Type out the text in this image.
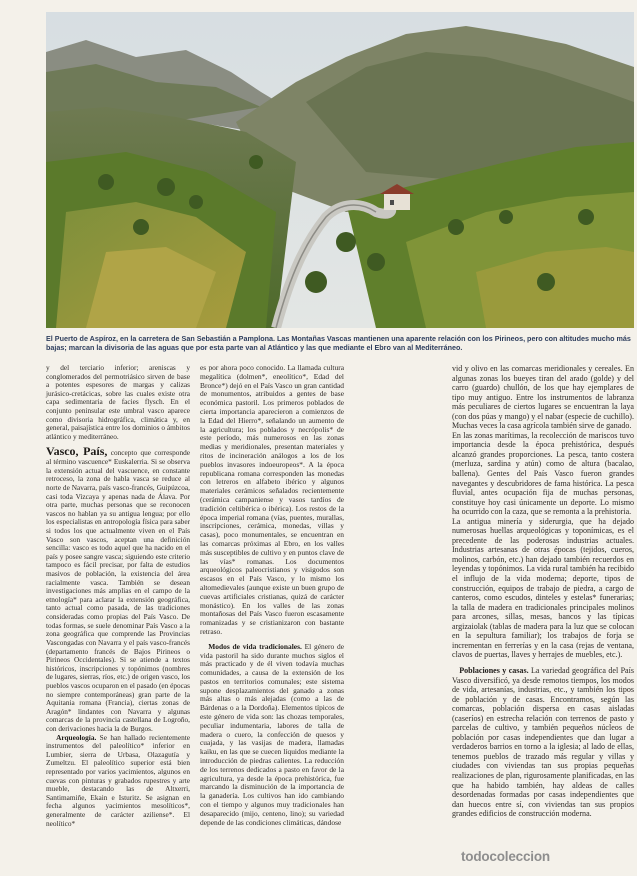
El Puerto de Aspíroz, en la carretera de San Sebastián a Pamplona. Las Montañas Vascas mantienen una aparente relación con los Pirineos, pero con altitudes mucho más bajas; marcan la divisoria de las aguas que por esta parte van al Atlántico y las que mediante el Ebro van al Mediterráneo.

y del terciario inferior; areniscas y conglomerados del permotriásico sirven de base a potentes espesores de margas y calizas jurásico-cretácicas, sobre las cuales existe otra capa sedimentaria de facies flysch. En el conjunto peninsular este umbral vasco aparece como divisoria hidrográfica, climática y, en general, paisajística entre los dominios o ámbitos atlántico y mediterráneo.

Vasco, País, concepto que corresponde al término vascuence* Euskalerria. Si se observa la extensión actual del vascuence, en constante retroceso, la zona de habla vasca se reduce al norte de Navarra, país vasco-francés, Guipúzcoa, casi toda Vizcaya y apenas nada de Álava. Por otra parte, muchas personas que se reconocen vascos no hablan ya su antigua lengua; por ello los especialistas en antropología física para saber si todos los que actualmente viven en el País Vasco son vascos, aceptan una definición sencilla: vasco es todo aquel que ha nacido en el país y posee sangre vasca; siguiendo este criterio tampoco es fácil precisar, por falta de estudios masivos de población, la existencia del área racialmente vasca. También se desean investigaciones más amplias en el campo de la etnología* para aclarar la extensión geográfica, tanto actual como pasada, de las tradiciones consideradas como propias del País Vasco. De todas formas, se suele denominar País Vasco a la zona geográfica que comprende las Provincias Vascongadas con Navarra y el país vasco-francés (departamento francés de Bajos Pirineos o Pirineos Occidentales). Si se atiende a textos históricos, inscripciones y topónimos (nombres de lugares, sierras, ríos, etc.) de origen vasco, los pueblos vascos ocuparon en el pasado (en épocas no siempre contemporáneas) gran parte de la Aquitania romana (Francia), ciertas zonas de Aragón* lindantes con Navarra y algunas comarcas de la provincia castellana de Logroño, con derivaciones hacia la de Burgos.

Arqueología. Se han hallado recientemente instrumentos del paleolítico* inferior en Lumbier, sierra de Urbasa, Olazagutía y Zumeltzu. El paleolítico superior está bien representado por varios yacimientos, algunos en cuevas con pinturas y grabados rupestres y arte mueble, destacando las de Altxerri, Santimamiñe, Ekain e Isturitz. Se asignan en fecha algunos yacimientos mesolíticos*, generalmente de carácter aziliense*. El neolítico*

es por ahora poco conocido. La llamada cultura megalítica (dolmen*, eneolítico*, Edad del Bronce*) dejó en el País Vasco un gran cantidad de monumentos, atribuidos a gentes de base económica pastoril. Los primeros poblados de cierta importancia aparecieron a comienzos de la Edad del Hierro*, señalando un aumento de la agricultura; los poblados y necrópolis* de este período, más numerosos en las zonas medias y meridionales, presentan materiales y ritos de incineración análogos a los de los pueblos invasores indoeuropeos*. A la época republicana romana corresponden las monedas con letreros en alfabeto ibérico y algunos materiales cerámicos señalados recientemente (cerámica campaniense y vasos tardíos de tradición celtibérica o ibérica). Los restos de la época imperial romana (vías, puentes, murallas, inscripciones, cerámica, monedas, villas y casas), poco monumentales, se encuentran en las comarcas próximas al Ebro, en los valles más susceptibles de cultivo y en puntos clave de las vías* romanas. Los documentos arqueológicos paleocristianos y visigodos son escasos en el País Vasco, y lo mismo los altomedievales (aunque existe un buen grupo de cuevas artificiales cristianas, quizá de carácter monástico). En los valles de las zonas montañosas del País Vasco fueron escasamente romanizadas y se cristianizaron con bastante retraso.

Modos de vida tradicionales. El género de vida pastoril ha sido durante muchos siglos el más practicado y de él viven todavía muchas comunidades, a causa de la extensión de los pastos en territorios comunales; este sistema supone desplazamientos del ganado a zonas más altas o más alejadas (como a las de Bárdenas o a la Dordoña). Elementos típicos de este género de vida son: las chozas temporales, peculiar indumentaria, labores de talla de madera o cuero, la confección de quesos y cuajada, y las vasijas de madera, llamadas kaiku, en las que se cuecen líquidos mediante la introducción de piedras calientes. La reducción de los terrenos dedicados a pasto en favor de la agricultura, ya desde la época prehistórica, fue marcando la disminución de la importancia de la ganadería. Los cultivos han ido cambiando con el tiempo y algunos muy tradicionales han desaparecido (mijo, centeno, lino); su variedad depende de las condiciones climáticas, dándose

vid y olivo en las comarcas meridionales y cereales. En algunas zonas los bueyes tiran del arado (golde) y del carro (guardo) chullón, de los que hay ejemplares de tipo muy antiguo. Entre los instrumentos de labranza más peculiares de ciertos lugares se encuentran la laya (con dos púas y mango) y el nabar (especie de cuchillo). Muchas veces la casa agrícola también sirve de ganado.

En las zonas marítimas, la recolección de mariscos tuvo importancia desde la época prehistórica, después alcanzó grandes proporciones. La pesca, tanto costera (merluza, sardina y atún) como de altura (bacalao, ballena). Gentes del País Vasco fueron grandes navegantes y descubridores de fama histórica. La pesca fluvial, antes ocupación fija de muchas personas, constituye hoy casi únicamente un deporte. Lo mismo ha ocurrido con la caza, que se remonta a la prehistoria.

La antigua minería y siderurgia, que ha dejado numerosas huellas arqueológicas y toponímicas, es el precedente de las poderosas industrias actuales. Industrias artesanas de otras épocas (tejidos, cueros, molinos, carbón, etc.) han dejado también recuerdos en leyendas y topónimos. La vida rural también ha recibido el influjo de la vida moderna; deporte, tipos de construcción, equipos de trabajo de piedra, a cargo de canteros, como escudos, dinteles y estelas* funerarias; la talla de madera en tradicionales principales molinos para arcones, sillas, mesas, bancos y las típicas argizaiolak (tablas de madera para la luz que se colocan en la sepultura familiar); los trabajos de forja se incrementan en ferrerías y en la casa (rejas de ventana, clavos de puertas, llaves y herrajes de muebles, etc.).

Poblaciones y casas. La variedad geográfica del País Vasco diversificó, ya desde remotos tiempos, los modos de vida, artesanías, industrias, etc., y también los tipos de población y de casas. Encontramos, según las comarcas, población dispersa en casas aisladas (caseríos) en estrecha relación con terrenos de pasto y parcelas de cultivo, y también pequeños núcleos de población por casas independientes que dan lugar a verdaderos barrios en torno a la iglesia; al lado de ellas, tenemos pueblos de trazado más regular y villas y ciudades con viviendas tan sus propias pequeñas realizaciones de plan, rigurosamente planificadas, en las que ha habido también, hay aldeas de calles desordenadas formadas por casas independientes que dan huecos entre sí, con viviendas tan sus propios grandes edificios de construcción moderna.

todocoleccion
